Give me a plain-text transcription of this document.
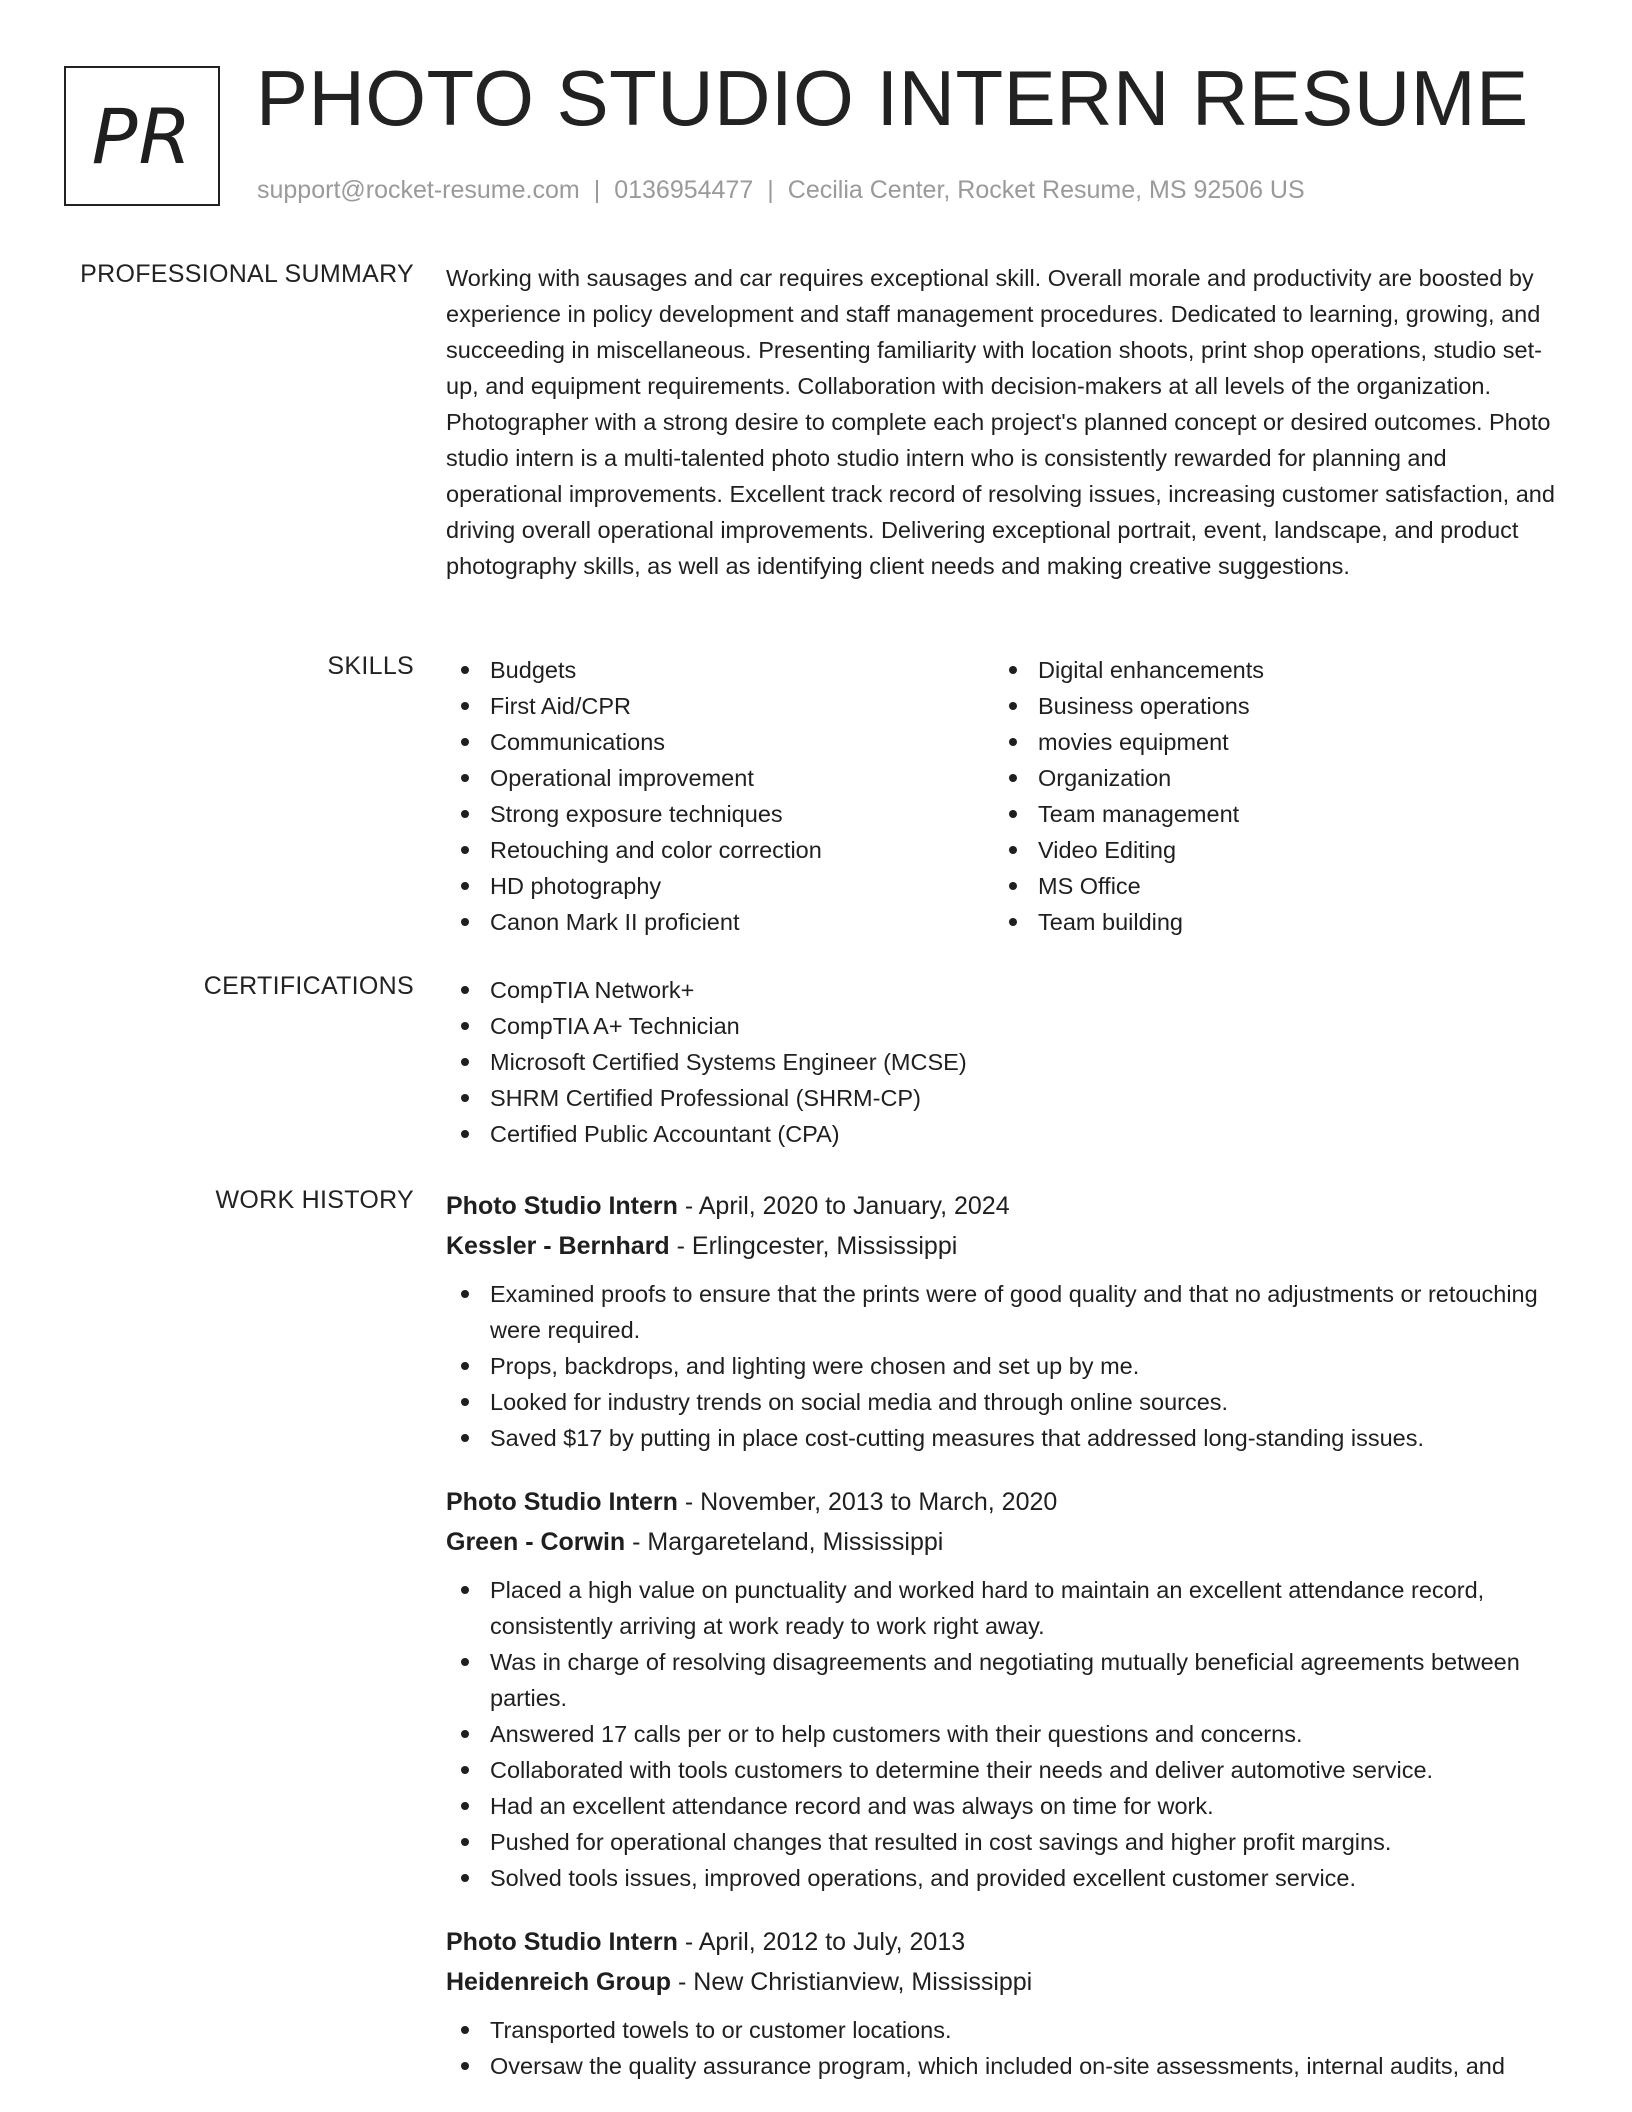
PR PHOTO STUDIO INTERN RESUME
support@rocket-resume.com | 0136954477 | Cecilia Center, Rocket Resume, MS 92506 US
PROFESSIONAL SUMMARY Working with sausages and car requires exceptional skill. Overall morale and productivity are boosted by experience in policy development and staff management procedures. Dedicated to learning, growing, and succeeding in miscellaneous. Presenting familiarity with location shoots, print shop operations, studio set-up, and equipment requirements. Collaboration with decision-makers at all levels of the organization. Photographer with a strong desire to complete each project's planned concept or desired outcomes. Photo studio intern is a multi-talented photo studio intern who is consistently rewarded for planning and operational improvements. Excellent track record of resolving issues, increasing customer satisfaction, and driving overall operational improvements. Delivering exceptional portrait, event, landscape, and product photography skills, as well as identifying client needs and making creative suggestions.

SKILLS	Budgets
First Aid/CPR
Communications
Operational improvement
Strong exposure techniques
Retouching and color correction
HD photography
Canon Mark II proficient
Digital enhancements
Business operations
movies equipment
Organization
Team management
Video Editing
MS Office
Team building
CERTIFICATIONS	CompTIA Network+
CompTIA A+ Technician
Microsoft Certified Systems Engineer (MCSE)
SHRM Certified Professional (SHRM-CP)
Certified Public Accountant (CPA)
WORK HISTORY Photo Studio Intern - April, 2020 to January, 2024
Kessler - Bernhard - Erlingcester, Mississippi
Examined proofs to ensure that the prints were of good quality and that no adjustments or retouching were required.
Props, backdrops, and lighting were chosen and set up by me.
Looked for industry trends on social media and through online sources.
Saved $17 by putting in place cost-cutting measures that addressed long-standing issues.
Photo Studio Intern - November, 2013 to March, 2020
Green - Corwin - Margareteland, Mississippi
Placed a high value on punctuality and worked hard to maintain an excellent attendance record, consistently arriving at work ready to work right away.
Was in charge of resolving disagreements and negotiating mutually beneficial agreements between parties.
Answered 17 calls per or to help customers with their questions and concerns.
Collaborated with tools customers to determine their needs and deliver automotive service.
Had an excellent attendance record and was always on time for work.
Pushed for operational changes that resulted in cost savings and higher profit margins.
Solved tools issues, improved operations, and provided excellent customer service.
Photo Studio Intern - April, 2012 to July, 2013
Heidenreich Group - New Christianview, Mississippi
Transported towels to or customer locations.
Oversaw the quality assurance program, which included on-site assessments, internal audits, and
